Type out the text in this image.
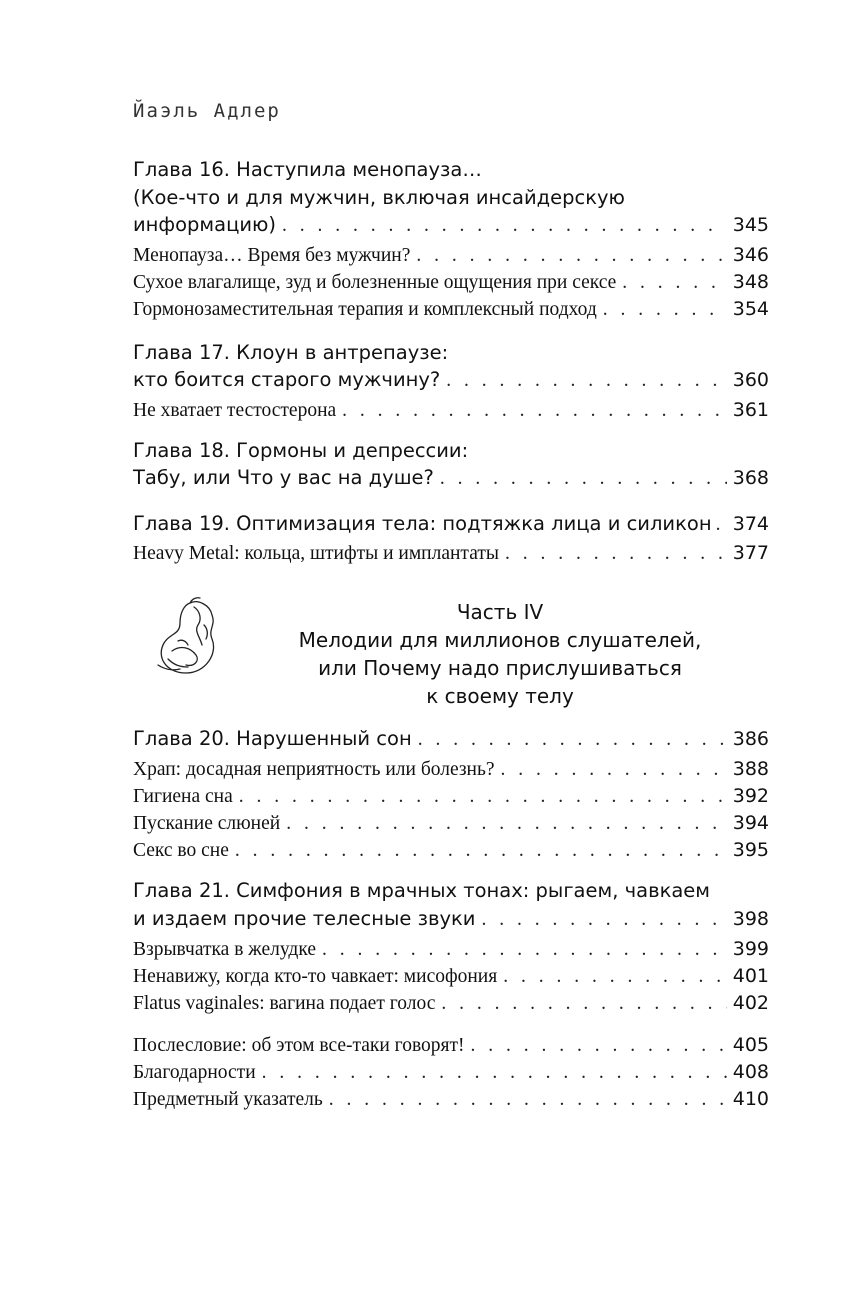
Йаэль Адлер
Глава 16. Наступила менопауза…
(Кое-что и для мужчин, включая инсайдерскую
информацию) . . .	345
Менопауза… Время без мужчин? . . .	346
Сухое влагалище, зуд и болезненные ощущения при сексе . . .	348
Гормонозаместительная терапия и комплексный подход . . .	354
Глава 17. Клоун в антрепаузе:
кто боится старого мужчину? . . .	360
Не хватает тестостерона . . .	361
Глава 18. Гормоны и депрессии:
Табу, или Что у вас на душе? . . .	368
Глава 19. Оптимизация тела: подтяжка лица и силикон . . . 374
Heavy Metal: кольца, штифты и имплантаты . . .	377
Часть IV
Мелодии для миллионов слушателей,
или Почему надо прислушиваться
к своему телу
Глава 20. Нарушенный сон . . .	386
Храп: досадная неприятность или болезнь? . . .	388
Гигиена сна . . .	392
Пускание слюней . . .	394
Секс во сне . . .	395
Глава 21. Симфония в мрачных тонах: рыгаем, чавкаем
и издаем прочие телесные звуки . . .	398
Взрывчатка в желудке . . .	399
Ненавижу, когда кто-то чавкает: мисофония . . .	401
Flatus vaginales: вагина подает голос . . .	402
Послесловие: об этом все-таки говорят! . . .	405
Благодарности . . .	408
Предметный указатель . . .	410
